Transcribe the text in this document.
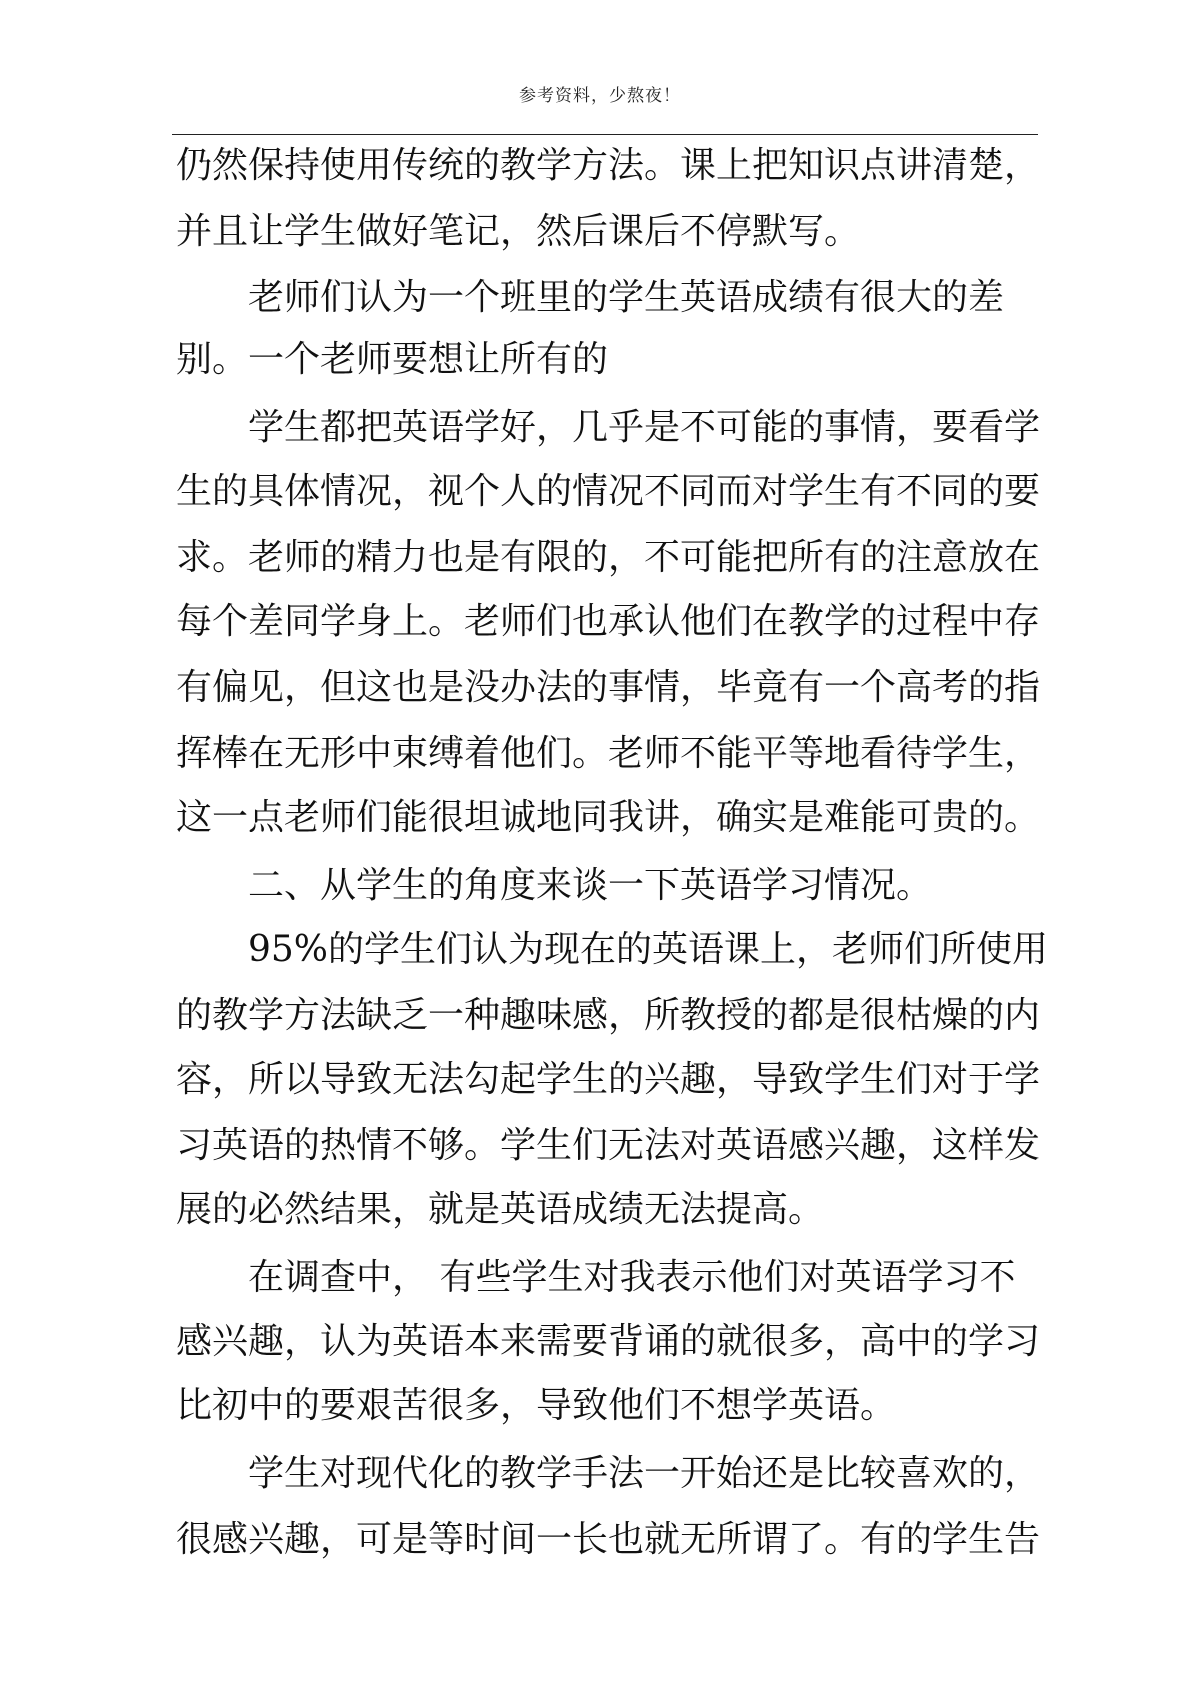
参考资料，少熬夜！
仍然保持使用传统的教学方法。课上把知识点讲清楚，
并且让学生做好笔记，然后课后不停默写。
老师们认为一个班里的学生英语成绩有很大的差
别。一个老师要想让所有的
学生都把英语学好，几乎是不可能的事情，要看学
生的具体情况，视个人的情况不同而对学生有不同的要
求。老师的精力也是有限的，不可能把所有的注意放在
每个差同学身上。老师们也承认他们在教学的过程中存
有偏见，但这也是没办法的事情，毕竟有一个高考的指
挥棒在无形中束缚着他们。老师不能平等地看待学生，
这一点老师们能很坦诚地同我讲，确实是难能可贵的。
二、从学生的角度来谈一下英语学习情况。
95%的学生们认为现在的英语课上，老师们所使用
的教学方法缺乏一种趣味感，所教授的都是很枯燥的内
容，所以导致无法勾起学生的兴趣，导致学生们对于学
习英语的热情不够。学生们无法对英语感兴趣，这样发
展的必然结果，就是英语成绩无法提高。
在调查中， 有些学生对我表示他们对英语学习不
感兴趣，认为英语本来需要背诵的就很多，高中的学习
比初中的要艰苦很多，导致他们不想学英语。
学生对现代化的教学手法一开始还是比较喜欢的，
很感兴趣，可是等时间一长也就无所谓了。有的学生告
